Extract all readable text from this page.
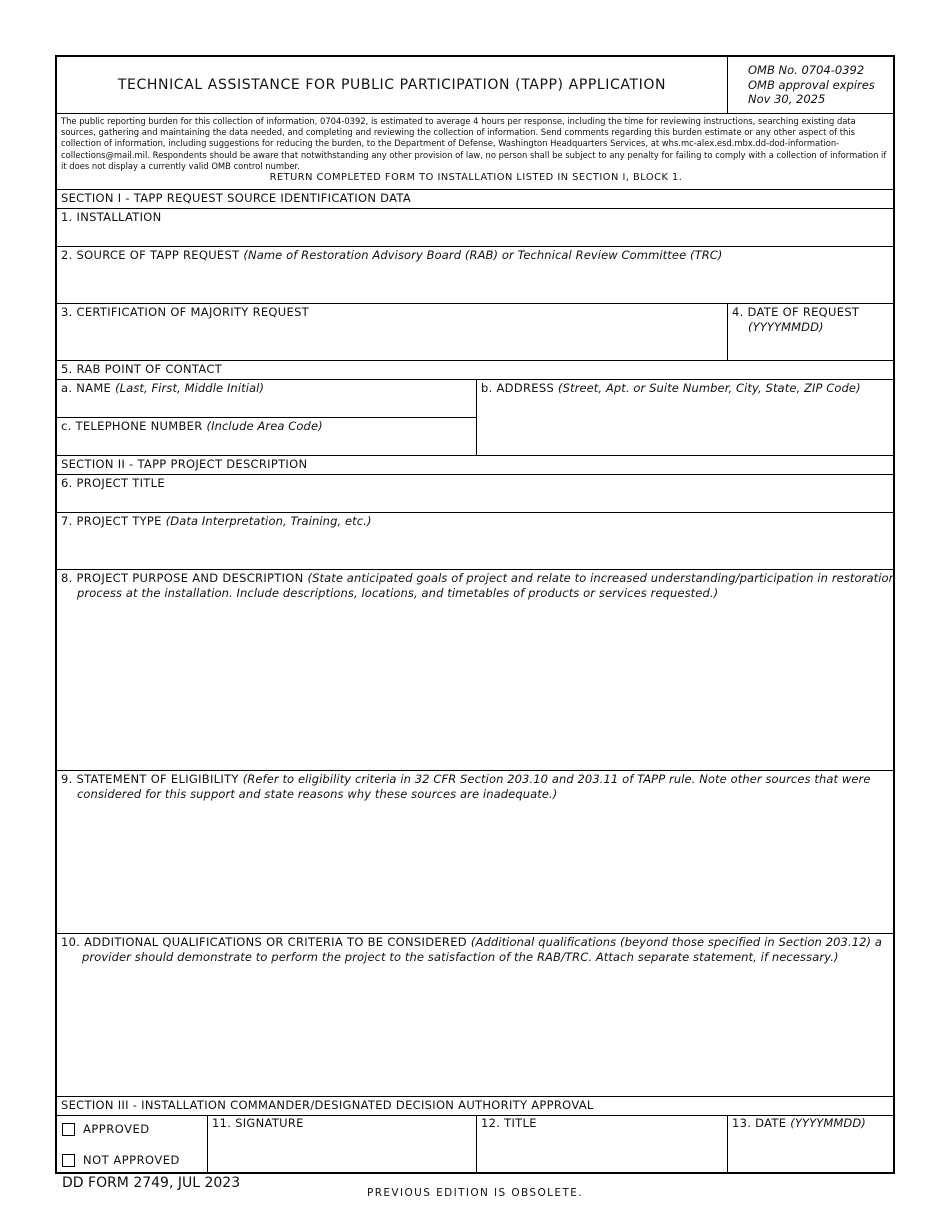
TECHNICAL ASSISTANCE FOR PUBLIC PARTICIPATION (TAPP) APPLICATION
OMB No. 0704-0392
OMB approval expires
Nov 30, 2025
The public reporting burden for this collection of information, 0704-0392, is estimated to average 4 hours per response, including the time for reviewing instructions, searching existing data sources, gathering and maintaining the data needed, and completing and reviewing the collection of information. Send comments regarding this burden estimate or any other aspect of this collection of information, including suggestions for reducing the burden, to the Department of Defense, Washington Headquarters Services, at whs.mc-alex.esd.mbx.dd-dod-information-collections@mail.mil. Respondents should be aware that notwithstanding any other provision of law, no person shall be subject to any penalty for failing to comply with a collection of information if it does not display a currently valid OMB control number.
RETURN COMPLETED FORM TO INSTALLATION LISTED IN SECTION I, BLOCK 1.
SECTION I - TAPP REQUEST SOURCE IDENTIFICATION DATA
1. INSTALLATION
2. SOURCE OF TAPP REQUEST (Name of Restoration Advisory Board (RAB) or Technical Review Committee (TRC)
3. CERTIFICATION OF MAJORITY REQUEST	4. DATE OF REQUEST
(YYYYMMDD)
5. RAB POINT OF CONTACT
a. NAME (Last, First, Middle Initial)	b. ADDRESS (Street, Apt. or Suite Number, City, State, ZIP Code)
c. TELEPHONE NUMBER (Include Area Code)
SECTION II - TAPP PROJECT DESCRIPTION
6. PROJECT TITLE
7. PROJECT TYPE (Data Interpretation, Training, etc.)
8. PROJECT PURPOSE AND DESCRIPTION (State anticipated goals of project and relate to increased understanding/participation in restoration
process at the installation. Include descriptions, locations, and timetables of products or services requested.)
9. STATEMENT OF ELIGIBILITY (Refer to eligibility criteria in 32 CFR Section 203.10 and 203.11 of TAPP rule. Note other sources that were
considered for this support and state reasons why these sources are inadequate.)
10. ADDITIONAL QUALIFICATIONS OR CRITERIA TO BE CONSIDERED (Additional qualifications (beyond those specified in Section 203.12) a
provider should demonstrate to perform the project to the satisfaction of the RAB/TRC. Attach separate statement, if necessary.)
SECTION III - INSTALLATION COMMANDER/DESIGNATED DECISION AUTHORITY APPROVAL
APPROVED
NOT APPROVED
11. SIGNATURE	12. TITLE	13. DATE (YYYYMMDD)
DD FORM 2749, JUL 2023
PREVIOUS EDITION IS OBSOLETE.
